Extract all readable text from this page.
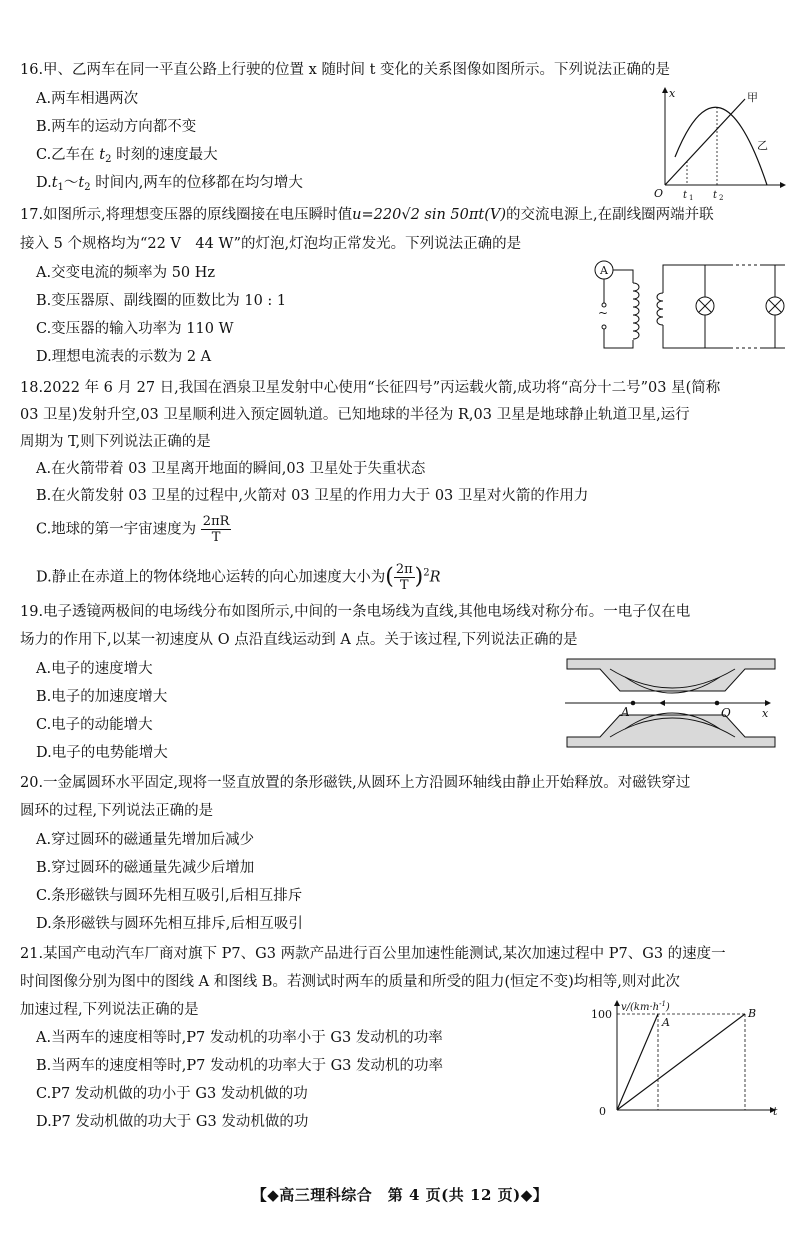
16.甲、乙两车在同一平直公路上行驶的位置 x 随时间 t 变化的关系图像如图所示。下列说法正确的是
A.两车相遇两次
B.两车的运动方向都不变
C.乙车在 $t_2$ 时刻的速度最大
$D.t_1\sim t_2$ 时间内,两车的位移都在均匀增大
x
O
甲
乙
t 1 t 2
17.如图所示,将理想变压器的原线圈接在电压瞬时值u=220√2 sin 50πt(V)的交流电源上,在副线圈两端并联
接入 5 个规格均为“22 V　44 W”的灯泡,灯泡均正常发光。下列说法正确的是
A.交变电流的频率为 50 Hz
B.变压器原、副线圈的匝数比为 10 : 1
C.变压器的输入功率为 110 W
D.理想电流表的示数为 2 A
A
~
18.2022 年 6 月 27 日,我国在酒泉卫星发射中心使用“长征四号”丙运载火箭,成功将“高分十二号”03 星(简称
03 卫星)发射升空,03 卫星顺利进入预定圆轨道。已知地球的半径为 R,03 卫星是地球静止轨道卫星,运行
周期为 T,则下列说法正确的是
A.在火箭带着 03 卫星离开地面的瞬间,03 卫星处于失重状态
B.在火箭发射 03 卫星的过程中,火箭对 03 卫星的作用力大于 03 卫星对火箭的作用力
C.地球的第一宇宙速度为 $\frac{2\pi R}{T}$
D.静止在赤道上的物体绕地心运转的向心加速度大小为( $\frac{2\pi}{T} )^2R$
19.电子透镜两极间的电场线分布如图所示,中间的一条电场线为直线,其他电场线对称分布。一电子仅在电
场力的作用下,以某一初速度从 O 点沿直线运动到 A 点。关于该过程,下列说法正确的是
A.电子的速度增大
B.电子的加速度增大
C.电子的动能增大
D.电子的电势能增大
A	O	x
20.一金属圆环水平固定,现将一竖直放置的条形磁铁,从圆环上方沿圆环轴线由静止开始释放。对磁铁穿过
圆环的过程,下列说法正确的是
A.穿过圆环的磁通量先增加后减少
B.穿过圆环的磁通量先减少后增加
C.条形磁铁与圆环先相互吸引,后相互排斥
D.条形磁铁与圆环先相互排斥,后相互吸引
21.某国产电动汽车厂商对旗下 P7、G3 两款产品进行百公里加速性能测试,某次加速过程中 P7、G3 的速度一
时间图像分别为图中的图线 A 和图线 B。若测试时两车的质量和所受的阻力(恒定不变)均相等,则对此次
加速过程,下列说法正确的是
A.当两车的速度相等时,P7 发动机的功率小于 G3 发动机的功率
B.当两车的速度相等时,P7 发动机的功率大于 G3 发动机的功率
C.P7 发动机做的功小于 G3 发动机做的功
D.P7 发动机做的功大于 G3 发动机做的功
$v/(km\cdot h^{-1})$
100
0	t
A
B
【◆高三理科综合　第 4 页(共 12 页)◆】
